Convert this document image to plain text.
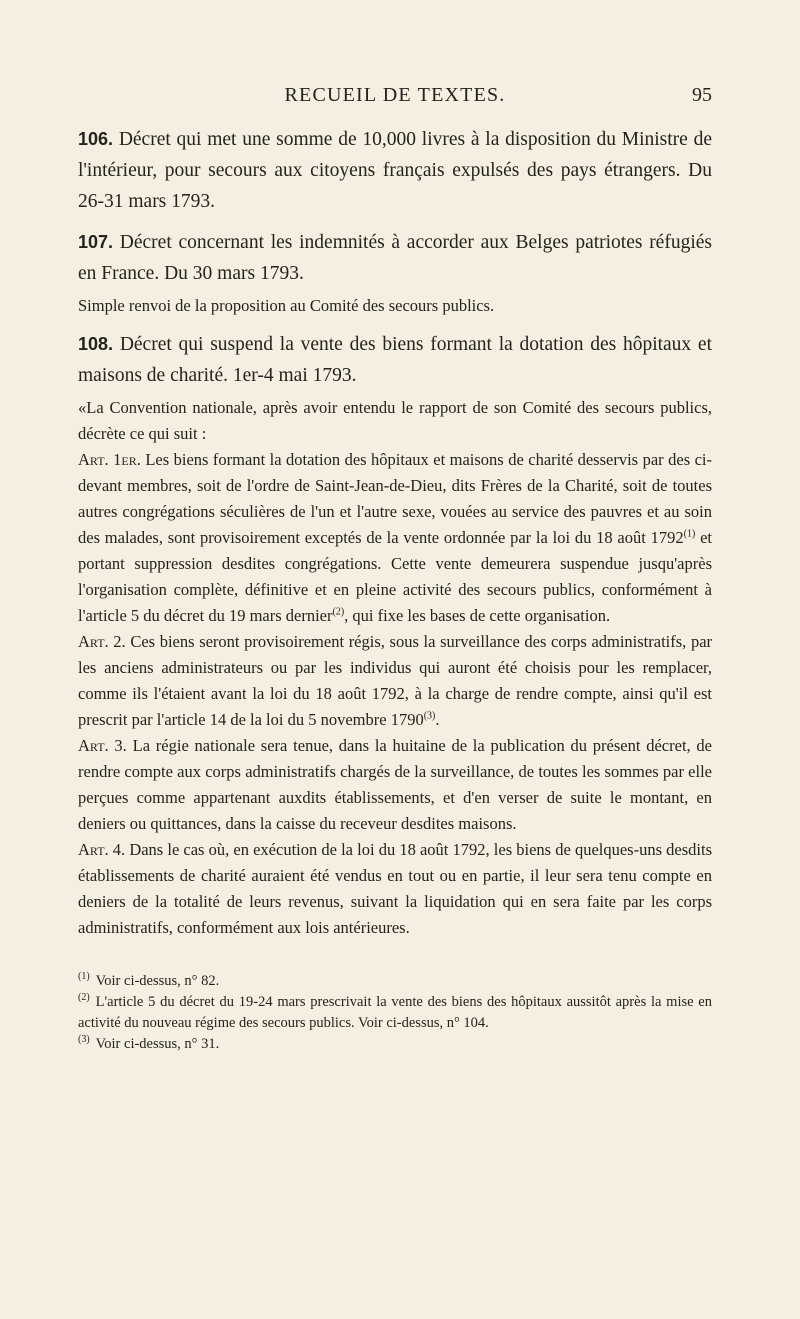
RECUEIL DE TEXTES.	95

106. Décret qui met une somme de 10,000 livres à la disposition du Ministre de l'intérieur, pour secours aux citoyens français expulsés des pays étrangers. Du 26-31 mars 1793.

107. Décret concernant les indemnités à accorder aux Belges patriotes réfugiés en France. Du 30 mars 1793.

Simple renvoi de la proposition au Comité des secours publics.

108. Décret qui suspend la vente des biens formant la dotation des hôpitaux et maisons de charité. 1er-4 mai 1793.

«La Convention nationale, après avoir entendu le rapport de son Comité des secours publics, décrète ce qui suit :

Art. 1er. Les biens formant la dotation des hôpitaux et maisons de charité desservis par des ci-devant membres, soit de l'ordre de Saint-Jean-de-Dieu, dits Frères de la Charité, soit de toutes autres congrégations séculières de l'un et l'autre sexe, vouées au service des pauvres et au soin des malades, sont provisoirement exceptés de la vente ordonnée par la loi du 18 août 1792$^{(1)}$ et portant suppression desdites congrégations. Cette vente demeurera suspendue jusqu'après l'organisation complète, définitive et en pleine activité des secours publics, conformément à l'article 5 du décret du 19 mars dernier$^{(2)}$, qui fixe les bases de cette organisation.

Art. 2. Ces biens seront provisoirement régis, sous la surveillance des corps administratifs, par les anciens administrateurs ou par les individus qui auront été choisis pour les remplacer, comme ils l'étaient avant la loi du 18 août 1792, à la charge de rendre compte, ainsi qu'il est prescrit par l'article 14 de la loi du 5 novembre 1790$^{(3)}$.

Art. 3. La régie nationale sera tenue, dans la huitaine de la publication du présent décret, de rendre compte aux corps administratifs chargés de la surveillance, de toutes les sommes par elle perçues comme appartenant auxdits établissements, et d'en verser de suite le montant, en deniers ou quittances, dans la caisse du receveur desdites maisons.

Art. 4. Dans le cas où, en exécution de la loi du 18 août 1792, les biens de quelques-uns desdits établissements de charité auraient été vendus en tout ou en partie, il leur sera tenu compte en deniers de la totalité de leurs revenus, suivant la liquidation qui en sera faite par les corps administratifs, conformément aux lois antérieures.

$^{(1)}$ Voir ci-dessus, n° 82.

$^{(2)}$ L'article 5 du décret du 19-24 mars prescrivait la vente des biens des hôpitaux aussitôt après la mise en activité du nouveau régime des secours publics. Voir ci-dessus, n° 104.

$^{(3)}$ Voir ci-dessus, n° 31.
